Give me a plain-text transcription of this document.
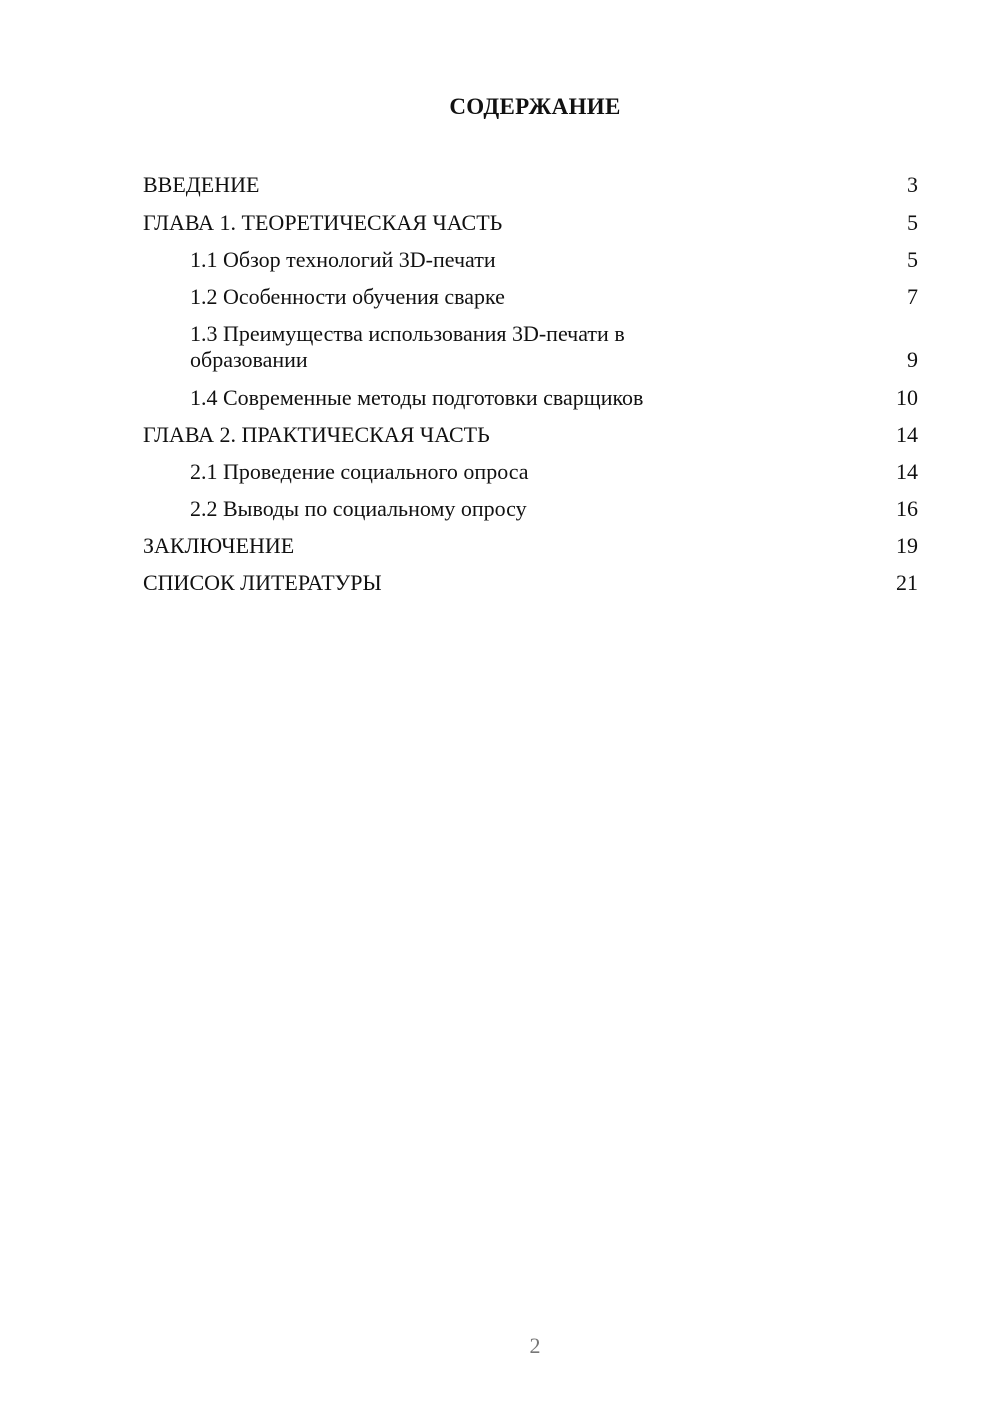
СОДЕРЖАНИЕ
ВВЕДЕНИЕ	3
ГЛАВА 1. ТЕОРЕТИЧЕСКАЯ ЧАСТЬ	5
1.1 Обзор технологий 3D-печати	5
1.2 Особенности обучения сварке	7
1.3 Преимущества использования 3D-печати в образовании	9
1.4 Современные методы подготовки сварщиков	10
ГЛАВА 2. ПРАКТИЧЕСКАЯ ЧАСТЬ	14
2.1 Проведение социального опроса	14
2.2 Выводы по социальному опросу	16
ЗАКЛЮЧЕНИЕ	19
СПИСОК ЛИТЕРАТУРЫ	21
2
